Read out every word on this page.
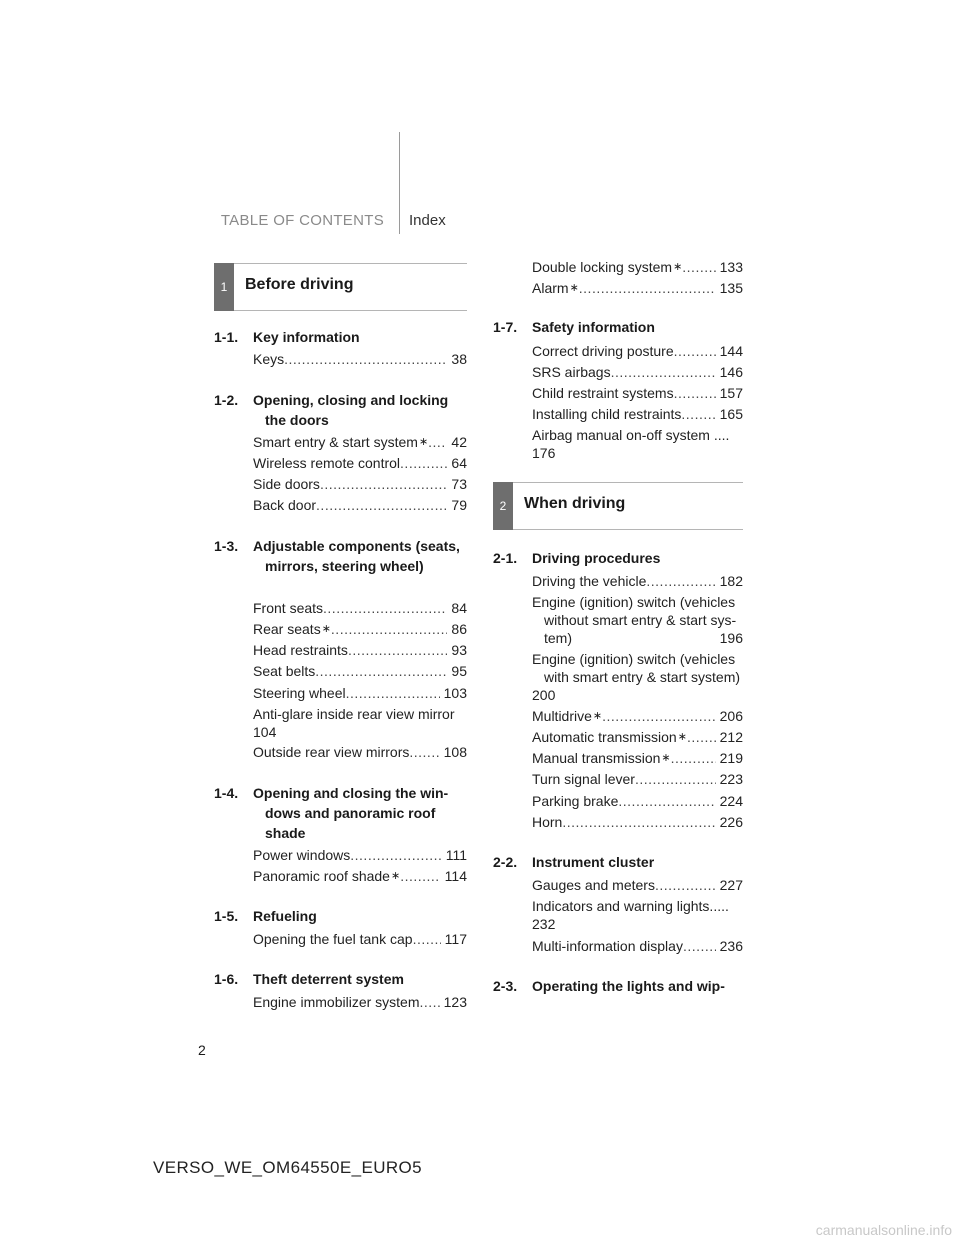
TABLE OF CONTENTS Index
1	Before driving
1-1. Key information
Keys .....	38
1-2. Opening, closing and locking the doors
Smart entry & start system ∗ ..... 42
Wireless remote control .....	64
Side doors .....	73
Back door .....	79
1-3. Adjustable components (seats, mirrors, steering wheel)
Front seats .....	84
Rear seats ∗ .....	86
Head restraints .....	93
Seat belts .....	95
Steering wheel .....	103
Anti-glare inside rear view mirror
104
Outside rear view mirrors ..... 108
1-4. Opening and closing the win-dows and panoramic roof shade
Power windows .....	111
Panoramic roof shade ∗ .....	114
1-5. Refueling
Opening the fuel tank cap ..... 117
1-6. Theft deterrent system
Engine immobilizer system ..... 123
Double locking system ∗ .....	133
Alarm ∗ .....	135
1-7. Safety information
Correct driving posture .....	144
SRS airbags .....	146
Child restraint systems .....	157
Installing child restraints .....	165
Airbag manual on-off system ....
176
2	When driving
2-1. Driving procedures
Driving the vehicle .....	182
Engine (ignition) switch (vehicles without smart entry & start sys-tem)	196
Engine (ignition) switch (vehicles with smart entry & start system)
200
Multidrive ∗ .....	206
Automatic transmission ∗ ..... 212
Manual transmission ∗ .....	219
Turn signal lever .....	223
Parking brake .....	224
Horn .....	226
2-2. Instrument cluster
Gauges and meters .....	227
Indicators and warning lights.....
232
Multi-information display .....	236
2-3. Operating the lights and wip-
2
VERSO_WE_OM64550E_EURO5
carmanualsonline.info
